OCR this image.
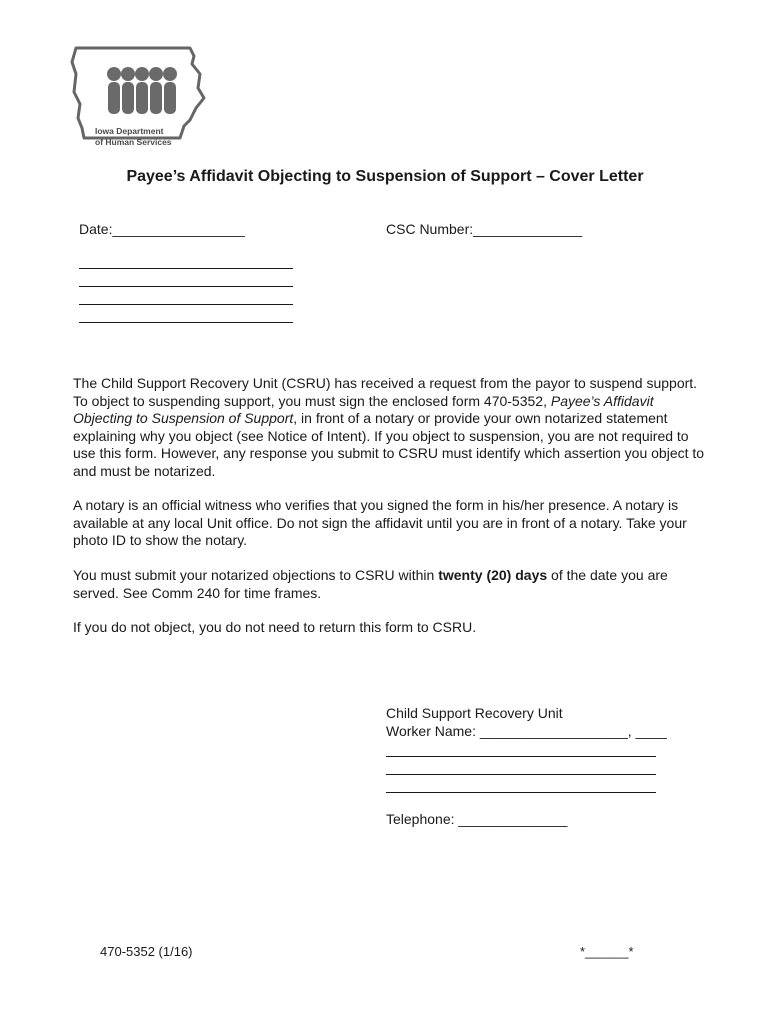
Iowa Department
of Human Services
Payee’s Affidavit Objecting to Suspension of Support – Cover Letter
Date:_________________	CSC Number:______________

The Child Support Recovery Unit (CSRU) has received a request from the payor to suspend support. To object to suspending support, you must sign the enclosed form 470-5352, Payee’s Affidavit Objecting to Suspension of Support, in front of a notary or provide your own notarized statement explaining why you object (see Notice of Intent). If you object to suspension, you are not required to use this form. However, any response you submit to CSRU must identify which assertion you object to and must be notarized.

A notary is an official witness who verifies that you signed the form in his/her presence. A notary is available at any local Unit office. Do not sign the affidavit until you are in front of a notary. Take your photo ID to show the notary.

You must submit your notarized objections to CSRU within twenty (20) days of the date you are served. See Comm 240 for time frames.

If you do not object, you do not need to return this form to CSRU.

Child Support Recovery Unit
Worker Name: ___________________, ____
Telephone: ______________
470-5352 (1/16)	*______*
